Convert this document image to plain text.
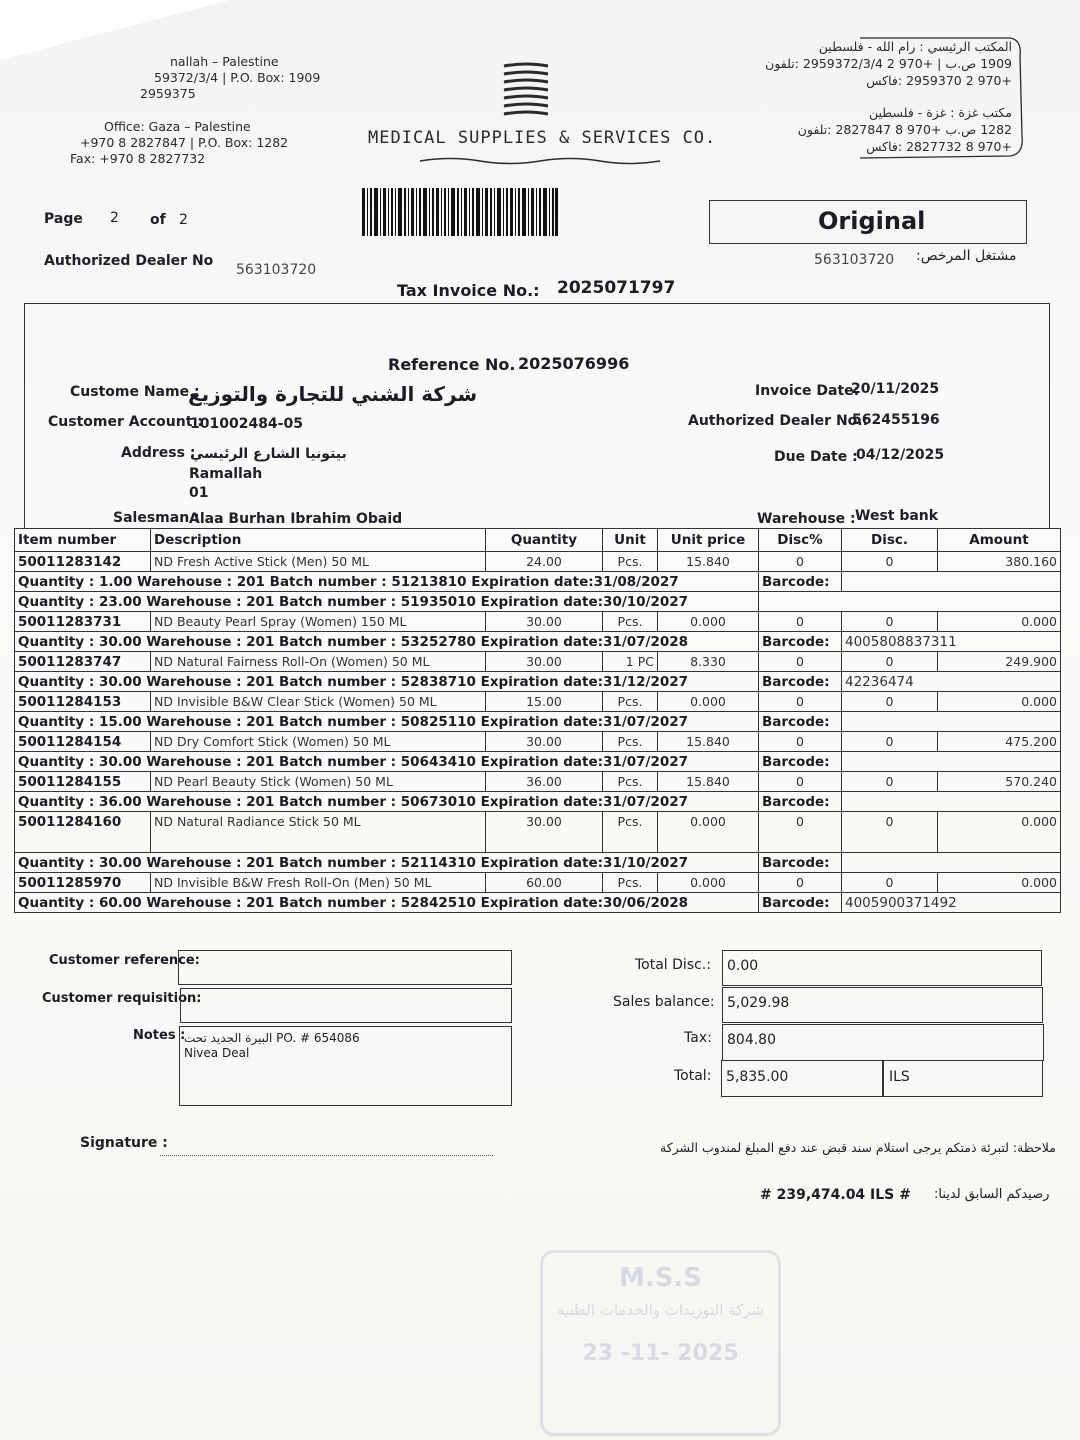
nallah – Palestine
59372/3/4 | P.O. Box: 1909
2959375
Office: Gaza – Palestine
+970 8 2827847 | P.O. Box: 1282
Fax: +970 8 2827732
MEDICAL SUPPLIES & SERVICES CO.
المكتب الرئيسي : رام الله - فلسطين
1909 ص.ب | +970 2 2959372/3/4 :تلفون
+970 2 2959370 :فاكس
مكتب غزة : غزة - فلسطين
1282 ص.ب +970 8 2827847 :تلفون
+970 8 2827732 :فاكس
Page 2 of 2	Original
Authorized Dealer No
563103720
563103720 مشتغل المرخص:
Tax Invoice No.: 2025071797
Reference No. 2025076996
Custome Name :
شركة الشني للتجارة والتوزيع
Customer Account :
101002484-05
Address :
بيتونيا الشارع الرئيسي
Ramallah
01
Salesman :
Alaa Burhan Ibrahim Obaid
Invoice Date:
20/11/2025
Authorized Dealer No.:
562455196
Due Date :
04/12/2025
Warehouse : West bank
Item number	Description	Quantity	Unit	Unit price	Disc%	Disc.	Amount
50011283142	ND Fresh Active Stick (Men) 50 ML	24.00	Pcs.	15.840	0	0	380.160
Quantity : 1.00 Warehouse : 201 Batch number : 51213810 Expiration date:31/08/2027					Barcode:		
Quantity : 23.00 Warehouse : 201 Batch number : 51935010 Expiration date:30/10/2027							
50011283731	ND Beauty Pearl Spray (Women) 150 ML	30.00	Pcs.	0.000	0	0	0.000
Quantity : 30.00 Warehouse : 201 Batch number : 53252780 Expiration date:31/07/2028					Barcode:	4005808837311	
50011283747	ND Natural Fairness Roll-On (Women) 50 ML	30.00	1 PC	8.330	0	0	249.900
Quantity : 30.00 Warehouse : 201 Batch number : 52838710 Expiration date:31/12/2027					Barcode:	42236474	
50011284153	ND Invisible B&W Clear Stick (Women) 50 ML	15.00	Pcs.	0.000	0	0	0.000
Quantity : 15.00 Warehouse : 201 Batch number : 50825110 Expiration date:31/07/2027					Barcode:		
50011284154	ND Dry Comfort Stick (Women) 50 ML	30.00	Pcs.	15.840	0	0	475.200
Quantity : 30.00 Warehouse : 201 Batch number : 50643410 Expiration date:31/07/2027					Barcode:		
50011284155	ND Pearl Beauty Stick (Women) 50 ML	36.00	Pcs.	15.840	0	0	570.240
Quantity : 36.00 Warehouse : 201 Batch number : 50673010 Expiration date:31/07/2027					Barcode:		
50011284160	ND Natural Radiance Stick 50 ML	30.00	Pcs.	0.000	0	0	0.000
Quantity : 30.00 Warehouse : 201 Batch number : 52114310 Expiration date:31/10/2027					Barcode:		
50011285970	ND Invisible B&W Fresh Roll-On (Men) 50 ML	60.00	Pcs.	0.000	0	0	0.000
Quantity : 60.00 Warehouse : 201 Batch number : 52842510 Expiration date:30/06/2028					Barcode:	4005900371492	
Customer reference:
Customer requisition:
Notes :
PO. # 654086 البيرة الجديد تحت
Nivea Deal
Total Disc.: 0.00
Sales balance: 5,029.98
Tax: 804.80
Total: 5,835.00	ILS
Signature :	ملاحظة: لتبرئة ذمتكم يرجى استلام سند قبض عند دفع المبلغ لمندوب الشركة
# 239,474.04 ILS # رصيدكم السابق لدينا:
M.S.S
شركة التوريدات والخدمات الطبية
23 -11- 2025
